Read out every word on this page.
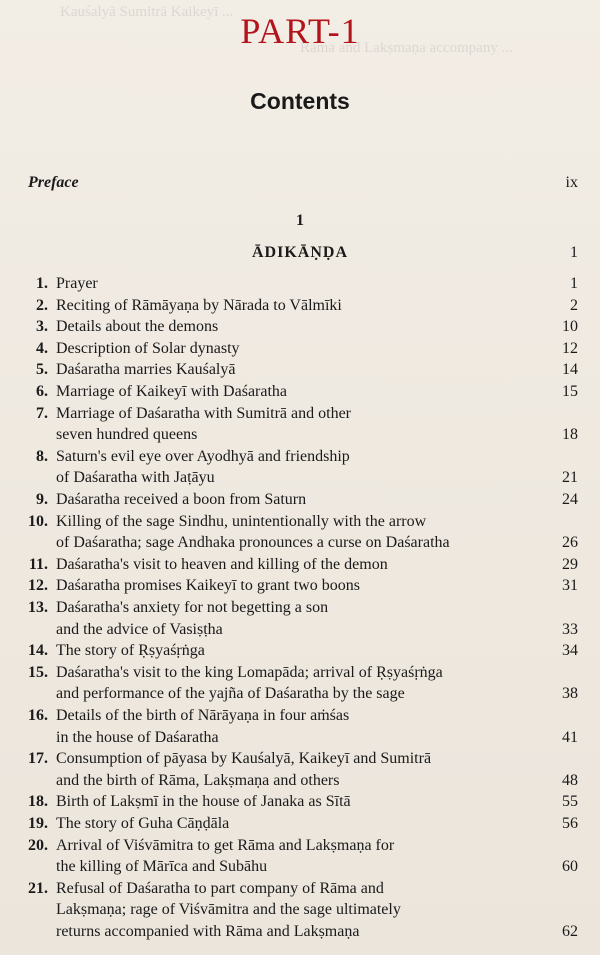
Kauśalyā Sumitrā Kaikeyī ...
Rāma and Lakṣmaṇa accompany ...
PART-1
Contents
Preface	ix
1
ĀDIKĀṆḌA	1
1. Prayer	1
2. Reciting of Rāmāyaṇa by Nārada to Vālmīki	2
3. Details about the demons	10
4. Description of Solar dynasty	12
5. Daśaratha marries Kauśalyā	14
6. Marriage of Kaikeyī with Daśaratha	15
7. Marriage of Daśaratha with Sumitrā and other
seven hundred queens	18
8. Saturn's evil eye over Ayodhyā and friendship
of Daśaratha with Jaṭāyu	21
9. Daśaratha received a boon from Saturn	24
10. Killing of the sage Sindhu, unintentionally with the arrow
of Daśaratha; sage Andhaka pronounces a curse on Daśaratha	26
11. Daśaratha's visit to heaven and killing of the demon	29
12. Daśaratha promises Kaikeyī to grant two boons	31
13. Daśaratha's anxiety for not begetting a son
and the advice of Vasiṣṭha	33
14. The story of Ṛṣyaśṛṅga	34
15. Daśaratha's visit to the king Lomapāda; arrival of Ṛṣyaśṛṅga
and performance of the yajña of Daśaratha by the sage	38
16. Details of the birth of Nārāyaṇa in four aṁśas
in the house of Daśaratha	41
17. Consumption of pāyasa by Kauśalyā, Kaikeyī and Sumitrā
and the birth of Rāma, Lakṣmaṇa and others	48
18. Birth of Lakṣmī in the house of Janaka as Sītā	55
19. The story of Guha Cāṇḍāla	56
20. Arrival of Viśvāmitra to get Rāma and Lakṣmaṇa for
the killing of Mārīca and Subāhu	60
21. Refusal of Daśaratha to part company of Rāma and
Lakṣmaṇa; rage of Viśvāmitra and the sage ultimately
returns accompanied with Rāma and Lakṣmaṇa	62
